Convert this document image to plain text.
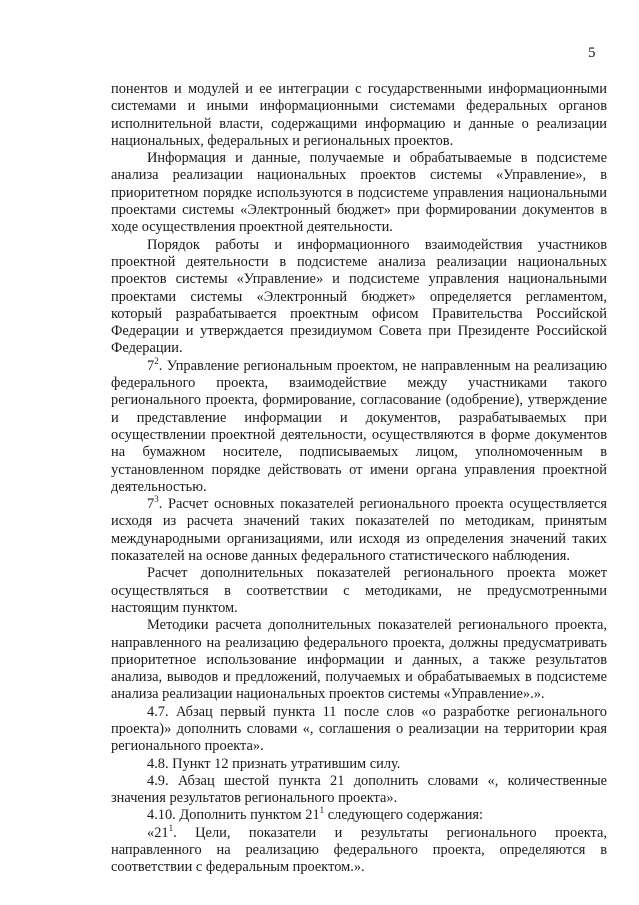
5

понентов и модулей и ее интеграции с государственными информационными системами и иными информационными системами федеральных органов исполнительной власти, содержащими информацию и данные о реализации национальных, федеральных и региональных проектов.

Информация и данные, получаемые и обрабатываемые в подсистеме анализа реализации национальных проектов системы «Управление», в приоритетном порядке используются в подсистеме управления национальными проектами системы «Электронный бюджет» при формировании документов в ходе осуществления проектной деятельности.

Порядок работы и информационного взаимодействия участников проектной деятельности в подсистеме анализа реализации национальных проектов системы «Управление» и подсистеме управления национальными проектами системы «Электронный бюджет» определяется регламентом, который разрабатывается проектным офисом Правительства Российской Федерации и утверждается президиумом Совета при Президенте Российской Федерации.

$7^2$. Управление региональным проектом, не направленным на реализацию федерального проекта, взаимодействие между участниками такого регионального проекта, формирование, согласование (одобрение), утверждение и представление информации и документов, разрабатываемых при осуществлении проектной деятельности, осуществляются в форме документов на бумажном носителе, подписываемых лицом, уполномоченным в установленном порядке действовать от имени органа управления проектной деятельностью.

$7^3$. Расчет основных показателей регионального проекта осуществляется исходя из расчета значений таких показателей по методикам, принятым международными организациями, или исходя из определения значений таких показателей на основе данных федерального статистического наблюдения.

Расчет дополнительных показателей регионального проекта может осуществляться в соответствии с методиками, не предусмотренными настоящим пунктом.

Методики расчета дополнительных показателей регионального проекта, направленного на реализацию федерального проекта, должны предусматривать приоритетное использование информации и данных, а также результатов анализа, выводов и предложений, получаемых и обрабатываемых в подсистеме анализа реализации национальных проектов системы «Управление».».

4.7. Абзац первый пункта 11 после слов «о разработке регионального проекта)» дополнить словами «, соглашения о реализации на территории края регионального проекта».

4.8. Пункт 12 признать утратившим силу.

4.9. Абзац шестой пункта 21 дополнить словами «, количественные значения результатов регионального проекта».

4.10. Дополнить пунктом $21^1$ следующего содержания:

«$21^1$. Цели, показатели и результаты регионального проекта, направленного на реализацию федерального проекта, определяются в соответствии с федеральным проектом.».
